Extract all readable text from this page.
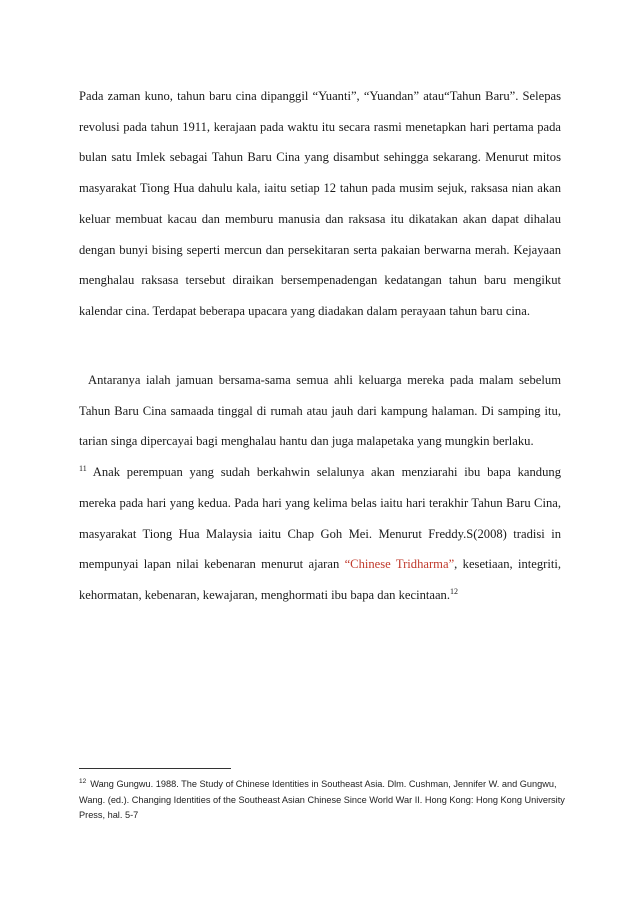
Pada zaman kuno, tahun baru cina dipanggil “Yuanti”, “Yuandan” atau“Tahun Baru”. Selepas revolusi pada tahun 1911, kerajaan pada waktu itu secara rasmi menetapkan hari pertama pada bulan satu Imlek sebagai Tahun Baru Cina yang disambut sehingga sekarang. Menurut mitos masyarakat Tiong Hua dahulu kala, iaitu setiap 12 tahun pada musim sejuk, raksasa nian akan keluar membuat kacau dan memburu manusia dan raksasa itu dikatakan akan dapat dihalau dengan bunyi bising seperti mercun dan persekitaran serta pakaian berwarna merah. Kejayaan menghalau raksasa tersebut diraikan bersempenadengan kedatangan tahun baru mengikut kalendar cina. Terdapat beberapa upacara yang diadakan dalam perayaan tahun baru cina.

Antaranya ialah jamuan bersama-sama semua ahli keluarga mereka pada malam sebelum Tahun Baru Cina samaada tinggal di rumah atau jauh dari kampung halaman. Di samping itu, tarian singa dipercayai bagi menghalau hantu dan juga malapetaka yang mungkin berlaku.
$^{11}$ Anak perempuan yang sudah berkahwin selalunya akan menziarahi ibu bapa kandung mereka pada hari yang kedua. Pada hari yang kelima belas iaitu hari terakhir Tahun Baru Cina, masyarakat Tiong Hua Malaysia iaitu Chap Goh Mei. Menurut Freddy.S(2008) tradisi in mempunyai lapan nilai kebenaran menurut ajaran “Chinese Tridharma”, kesetiaan, integriti, kehormatan, kebenaran, kewajaran, menghormati ibu bapa dan kecintaan.$^{12}$

$^{12}$ Wang Gungwu. 1988. The Study of Chinese Identities in Southeast Asia. Dlm. Cushman, Jennifer W. and Gungwu, Wang. (ed.). Changing Identities of the Southeast Asian Chinese Since World War II. Hong Kong: Hong Kong University Press, hal. 5-7
